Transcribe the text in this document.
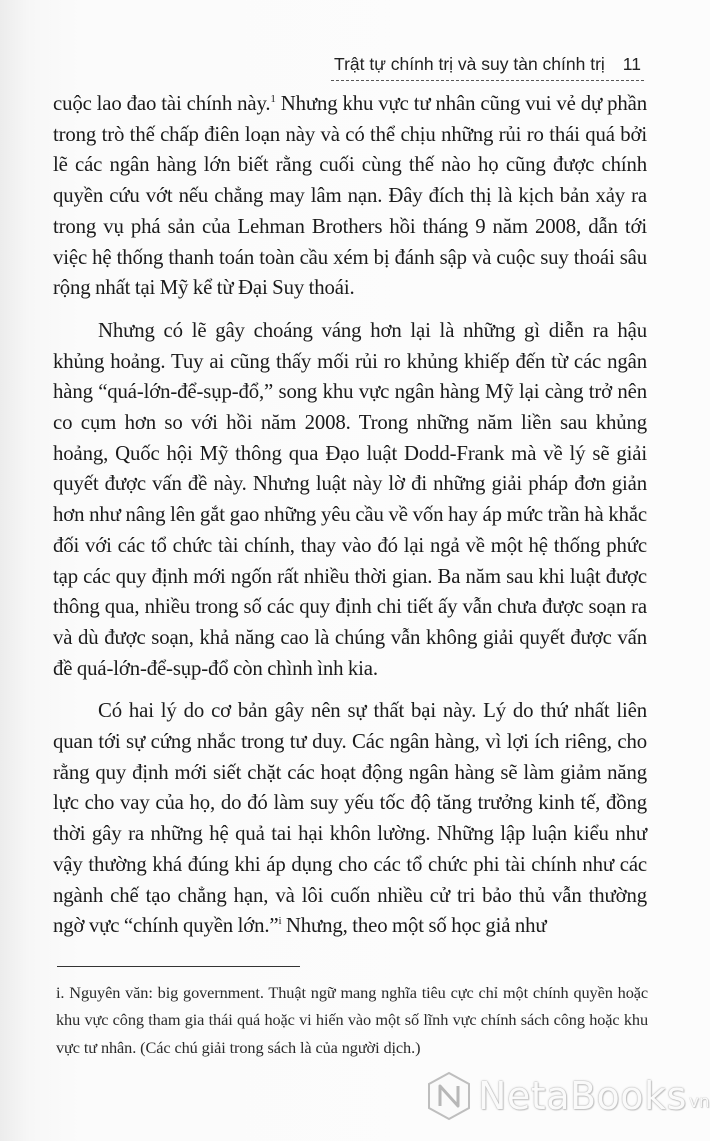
Trật tự chính trị và suy tàn chính trị 11

cuộc lao đao tài chính này.$^1$ Nhưng khu vực tư nhân cũng vui vẻ dự phần trong trò thế chấp điên loạn này và có thể chịu những rủi ro thái quá bởi lẽ các ngân hàng lớn biết rằng cuối cùng thế nào họ cũng được chính quyền cứu vớt nếu chẳng may lâm nạn. Đây đích thị là kịch bản xảy ra trong vụ phá sản của Lehman Brothers hồi tháng 9 năm 2008, dẫn tới việc hệ thống thanh toán toàn cầu xém bị đánh sập và cuộc suy thoái sâu rộng nhất tại Mỹ kể từ Đại Suy thoái.

Nhưng có lẽ gây choáng váng hơn lại là những gì diễn ra hậu khủng hoảng. Tuy ai cũng thấy mối rủi ro khủng khiếp đến từ các ngân hàng “quá-lớn-để-sụp-đổ,” song khu vực ngân hàng Mỹ lại càng trở nên co cụm hơn so với hồi năm 2008. Trong những năm liền sau khủng hoảng, Quốc hội Mỹ thông qua Đạo luật Dodd-Frank mà về lý sẽ giải quyết được vấn đề này. Nhưng luật này lờ đi những giải pháp đơn giản hơn như nâng lên gắt gao những yêu cầu về vốn hay áp mức trần hà khắc đối với các tổ chức tài chính, thay vào đó lại ngả về một hệ thống phức tạp các quy định mới ngốn rất nhiều thời gian. Ba năm sau khi luật được thông qua, nhiều trong số các quy định chi tiết ấy vẫn chưa được soạn ra và dù được soạn, khả năng cao là chúng vẫn không giải quyết được vấn đề quá-lớn-để-sụp-đổ còn chình ình kia.

Có hai lý do cơ bản gây nên sự thất bại này. Lý do thứ nhất liên quan tới sự cứng nhắc trong tư duy. Các ngân hàng, vì lợi ích riêng, cho rằng quy định mới siết chặt các hoạt động ngân hàng sẽ làm giảm năng lực cho vay của họ, do đó làm suy yếu tốc độ tăng trưởng kinh tế, đồng thời gây ra những hệ quả tai hại khôn lường. Những lập luận kiểu như vậy thường khá đúng khi áp dụng cho các tổ chức phi tài chính như các ngành chế tạo chẳng hạn, và lôi cuốn nhiều cử tri bảo thủ vẫn thường ngờ vực “chính quyền lớn.”$^i$ Nhưng, theo một số học giả như

i. Nguyên văn: big government. Thuật ngữ mang nghĩa tiêu cực chỉ một chính quyền hoặc khu vực công tham gia thái quá hoặc vi hiến vào một số lĩnh vực chính sách công hoặc khu vực tư nhân. (Các chú giải trong sách là của người dịch.)

NetaBooks vn
